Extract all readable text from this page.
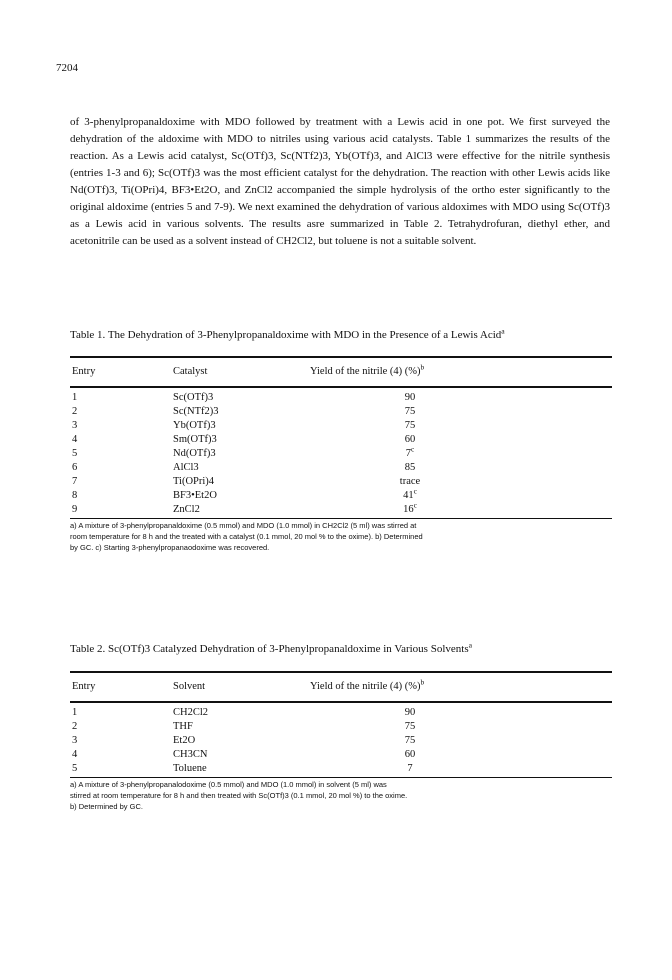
7204

of 3-phenylpropanaldoxime with MDO followed by treatment with a Lewis acid in one pot. We first surveyed the dehydration of the aldoxime with MDO to nitriles using various acid catalysts. Table 1 summarizes the results of the reaction. As a Lewis acid catalyst, Sc(OTf)3, Sc(NTf2)3, Yb(OTf)3, and AlCl3 were effective for the nitrile synthesis (entries 1-3 and 6); Sc(OTf)3 was the most efficient catalyst for the dehydration. The reaction with other Lewis acids like Nd(OTf)3, Ti(OPri)4, BF3•Et2O, and ZnCl2 accompanied the simple hydrolysis of the ortho ester significantly to the original aldoxime (entries 5 and 7-9). We next examined the dehydration of various aldoximes with MDO using Sc(OTf)3 as a Lewis acid in various solvents. The results asre summarized in Table 2. Tetrahydrofuran, diethyl ether, and acetonitrile can be used as a solvent instead of CH2Cl2, but toluene is not a suitable solvent.

Table 1. The Dehydration of 3-Phenylpropanaldoxime with MDO in the Presence of a Lewis Acid$^a$

Entry	Catalyst	Yield of the nitrile (4) (%)$^b$
1	Sc(OTf)3	90
2	Sc(NTf2)3	75
3	Yb(OTf)3	75
4	Sm(OTf)3	60
5	Nd(OTf)3	7$^c$
6	AlCl3	85
7	Ti(OPri)4	trace
8	BF3•Et2O	41$^c$
9	ZnCl2	16$^c$
a) A mixture of 3-phenylpropanaldoxime (0.5 mmol) and MDO (1.0 mmol) in CH2Cl2 (5 ml) was stirred at
room temperature for 8 h and the treated with a catalyst (0.1 mmol, 20 mol % to the oxime). b) Determined
by GC. c) Starting 3-phenylpropanaodoxime was recovered.

Table 2. Sc(OTf)3 Catalyzed Dehydration of 3-Phenylpropanaldoxime in Various Solvents$^a$

Entry	Solvent	Yield of the nitrile (4) (%)$^b$
1	CH2Cl2	90
2	THF	75
3	Et2O	75
4	CH3CN	60
5	Toluene	7
a) A mixture of 3-phenylpropanalodoxime (0.5 mmol) and MDO (1.0 mmol) in solvent (5 ml) was
stirred at room temperature for 8 h and then treated with Sc(OTf)3 (0.1 mmol, 20 mol %) to the oxime.
b) Determined by GC.
